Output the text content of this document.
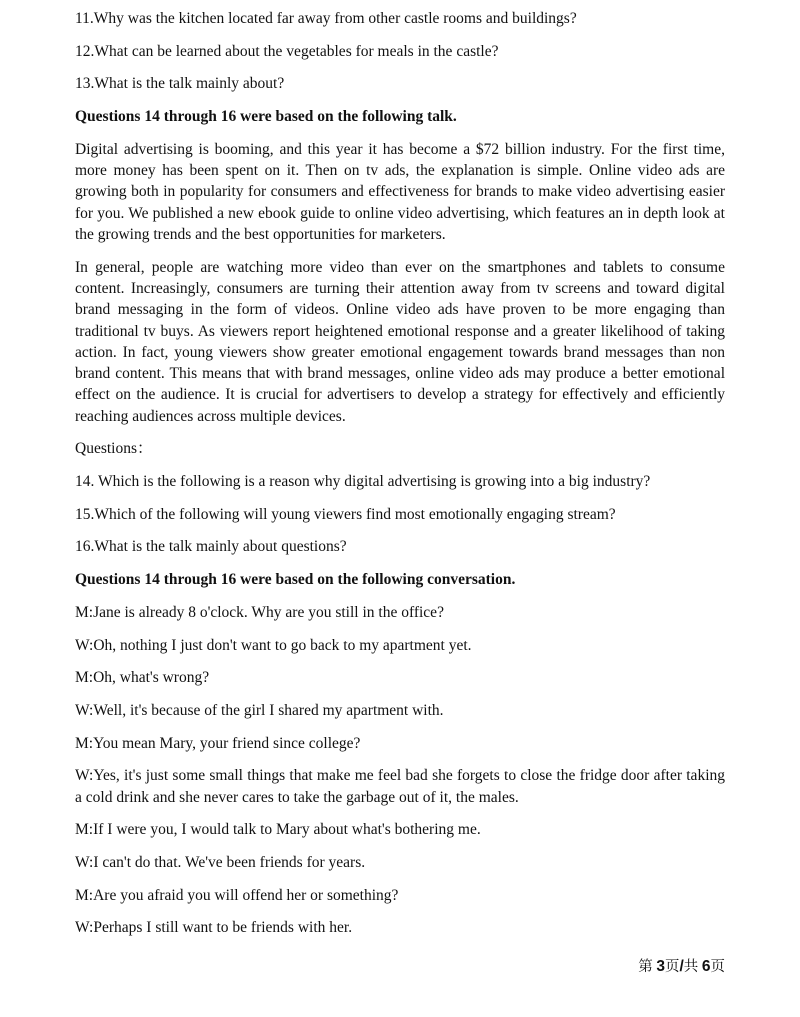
11.Why was the kitchen located far away from other castle rooms and buildings?

12.What can be learned about the vegetables for meals in the castle?

13.What is the talk mainly about?

Questions 14 through 16 were based on the following talk.

Digital advertising is booming, and this year it has become a $72 billion industry. For the first time, more money has been spent on it. Then on tv ads, the explanation is simple. Online video ads are growing both in popularity for consumers and effectiveness for brands to make video advertising easier for you. We published a new ebook guide to online video advertising, which features an in depth look at the growing trends and the best opportunities for marketers.

In general, people are watching more video than ever on the smartphones and tablets to consume content. Increasingly, consumers are turning their attention away from tv screens and toward digital brand messaging in the form of videos. Online video ads have proven to be more engaging than traditional tv buys. As viewers report heightened emotional response and a greater likelihood of taking action. In fact, young viewers show greater emotional engagement towards brand messages than non brand content. This means that with brand messages, online video ads may produce a better emotional effect on the audience. It is crucial for advertisers to develop a strategy for effectively and efficiently reaching audiences across multiple devices.

Questions：

14. Which is the following is a reason why digital advertising is growing into a big industry?

15.Which of the following will young viewers find most emotionally engaging stream?

16.What is the talk mainly about questions?

Questions 14 through 16 were based on the following conversation.

M:Jane is already 8 o'clock. Why are you still in the office?

W:Oh, nothing I just don't want to go back to my apartment yet.

M:Oh, what's wrong?

W:Well, it's because of the girl I shared my apartment with.

M:You mean Mary, your friend since college?

W:Yes, it's just some small things that make me feel bad she forgets to close the fridge door after taking a cold drink and she never cares to take the garbage out of it, the males.

M:If I were you, I would talk to Mary about what's bothering me.

W:I can't do that. We've been friends for years.

M:Are you afraid you will offend her or something?

W:Perhaps I still want to be friends with her.

第 3页/共 6页
